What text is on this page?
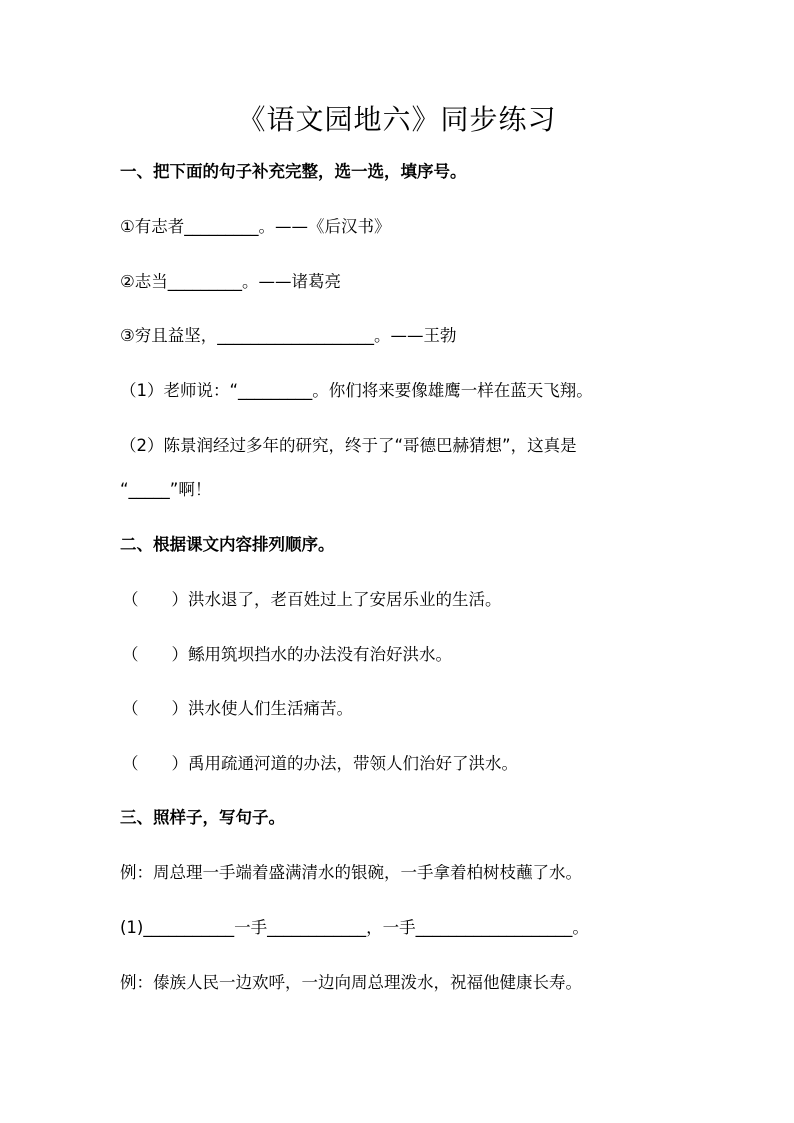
《语文园地六》同步练习
一、把下面的句子补充完整，选一选，填序号。
①有志者_________。——《后汉书》
②志当_________。——诸葛亮
③穷且益坚，___________________。——王勃
（1）老师说：“_________。你们将来要像雄鹰一样在蓝天飞翔。
（2）陈景润经过多年的研究，终于了“哥德巴赫猜想”，这真是
“_____”啊！
二、根据课文内容排列顺序。
（　　）洪水退了，老百姓过上了安居乐业的生活。
（　　）鲧用筑坝挡水的办法没有治好洪水。
（　　）洪水使人们生活痛苦。
（　　）禹用疏通河道的办法，带领人们治好了洪水。
三、照样子，写句子。
例：周总理一手端着盛满清水的银碗，一手拿着柏树枝蘸了水。
(1)___________一手____________，一手___________________。
例：傣族人民一边欢呼，一边向周总理泼水，祝福他健康长寿。
